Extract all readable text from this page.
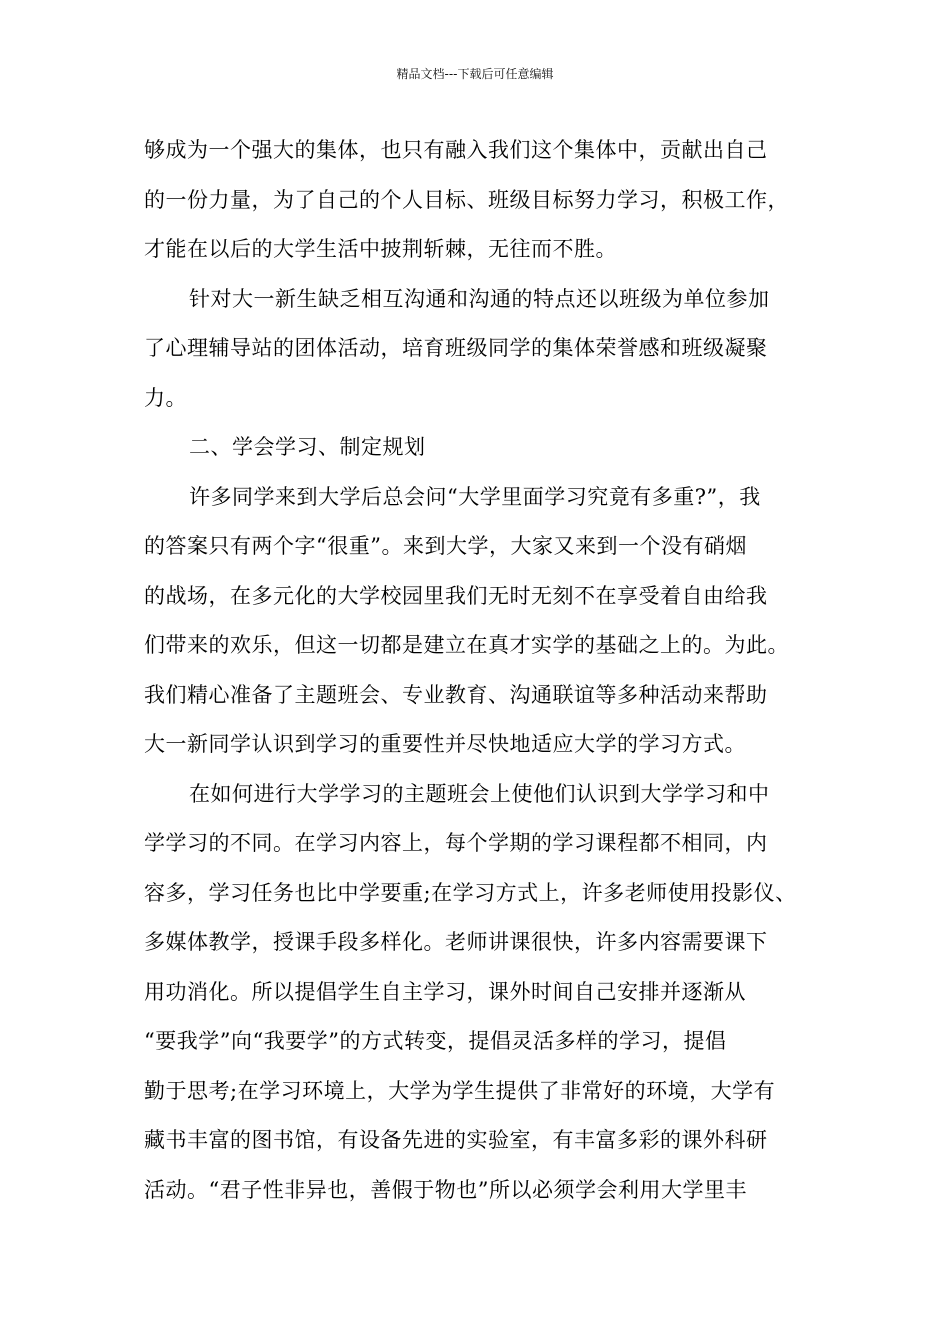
精品文档---下载后可任意编辑
够成为一个强大的集体，也只有融入我们这个集体中，贡献出自己
的一份力量，为了自己的个人目标、班级目标努力学习，积极工作，
才能在以后的大学生活中披荆斩棘，无往而不胜。
针对大一新生缺乏相互沟通和沟通的特点还以班级为单位参加
了心理辅导站的团体活动，培育班级同学的集体荣誉感和班级凝聚
力。
二、学会学习、制定规划
许多同学来到大学后总会问“大学里面学习究竟有多重?”，我
的答案只有两个字“很重”。来到大学，大家又来到一个没有硝烟
的战场，在多元化的大学校园里我们无时无刻不在享受着自由给我
们带来的欢乐，但这一切都是建立在真才实学的基础之上的。为此。
我们精心准备了主题班会、专业教育、沟通联谊等多种活动来帮助
大一新同学认识到学习的重要性并尽快地适应大学的学习方式。
在如何进行大学学习的主题班会上使他们认识到大学学习和中
学学习的不同。在学习内容上，每个学期的学习课程都不相同，内
容多，学习任务也比中学要重;在学习方式上，许多老师使用投影仪、
多媒体教学，授课手段多样化。老师讲课很快，许多内容需要课下
用功消化。所以提倡学生自主学习，课外时间自己安排并逐渐从
“要我学”向“我要学”的方式转变，提倡灵活多样的学习，提倡
勤于思考;在学习环境上，大学为学生提供了非常好的环境，大学有
藏书丰富的图书馆，有设备先进的实验室，有丰富多彩的课外科研
活动。“君子性非异也，善假于物也”所以必须学会利用大学里丰
